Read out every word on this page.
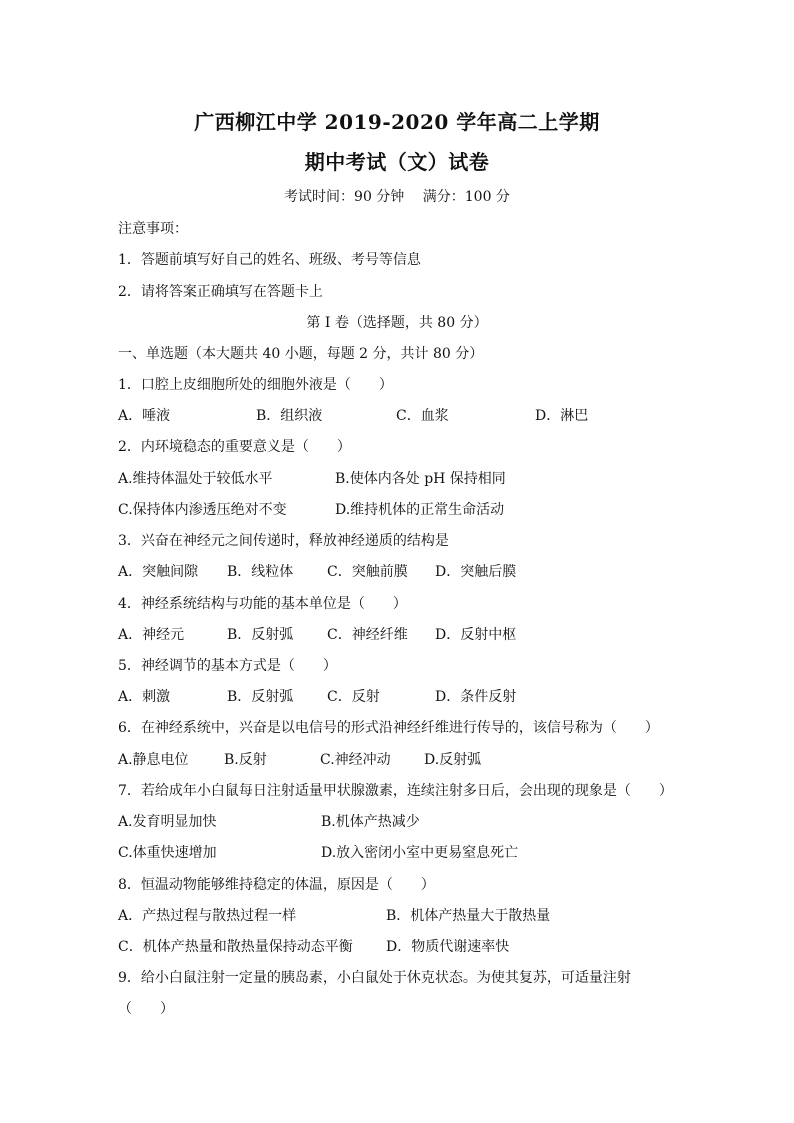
广西柳江中学 2019-2020 学年高二上学期
期中考试（文）试卷
考试时间：90 分钟　 满分：100 分
注意事项：
1．答题前填写好自己的姓名、班级、考号等信息
2．请将答案正确填写在答题卡上
第 I 卷（选择题，共 80 分）
一、单选题（本大题共 40 小题，每题 2 分，共计 80 分）
1．口腔上皮细胞所处的细胞外液是（　　）
A．唾液	B．组织液	C．血浆	D．淋巴
2．内环境稳态的重要意义是（　　）
A.维持体温处于较低水平	B.使体内各处 pH 保持相同
C.保持体内渗透压绝对不变	D.维持机体的正常生命活动
3．兴奋在神经元之间传递时，释放神经递质的结构是
A．突触间隙 B．线粒体 C．突触前膜 D．突触后膜
4．神经系统结构与功能的基本单位是（　　）
A．神经元	B．反射弧 C．神经纤维 D．反射中枢
5．神经调节的基本方式是（　　）
A．刺激	B．反射弧 C．反射	D．条件反射
6．在神经系统中，兴奋是以电信号的形式沿神经纤维进行传导的，该信号称为（　　）
A.静息电位	B.反射	C.神经冲动 D.反射弧
7．若给成年小白鼠每日注射适量甲状腺激素，连续注射多日后，会出现的现象是（　　）
A.发育明显加快	B.机体产热减少
C.体重快速增加	D.放入密闭小室中更易窒息死亡
8．恒温动物能够维持稳定的体温，原因是（　　）
A．产热过程与散热过程一样	B．机体产热量大于散热量
C．机体产热量和散热量保持动态平衡 D．物质代谢速率快
9．给小白鼠注射一定量的胰岛素，小白鼠处于休克状态。为使其复苏，可适量注射
（　　）
